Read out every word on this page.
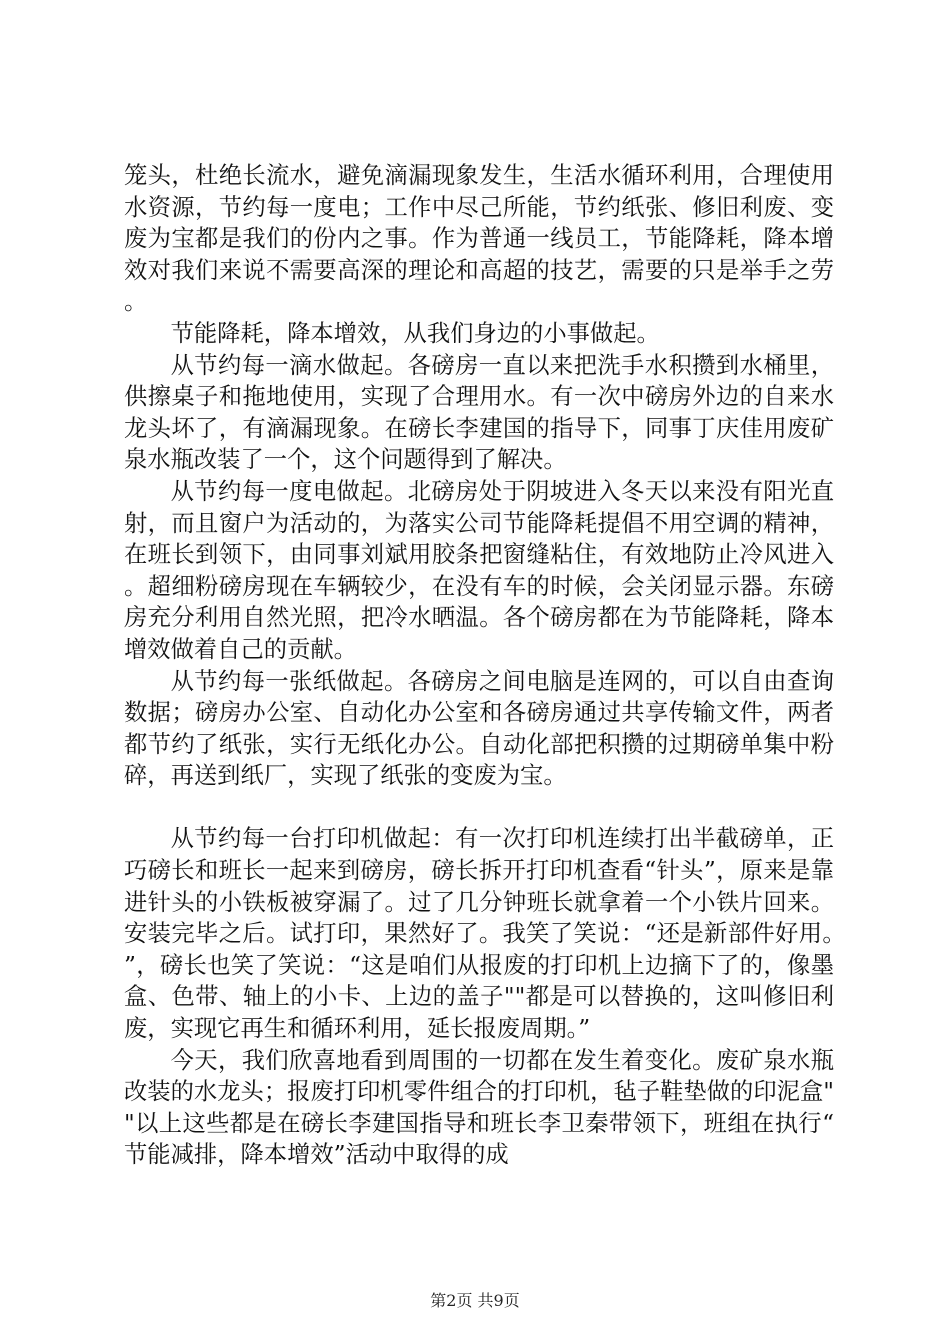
笼头，杜绝长流水，避免滴漏现象发生，生活水循环利用，合理使用水资源，节约每一度电；工作中尽己所能，节约纸张、修旧利废、变废为宝都是我们的份内之事。作为普通一线员工，节能降耗，降本增效对我们来说不需要高深的理论和高超的技艺，需要的只是举手之劳。

节能降耗，降本增效，从我们身边的小事做起。

从节约每一滴水做起。各磅房一直以来把洗手水积攒到水桶里，供擦桌子和拖地使用，实现了合理用水。有一次中磅房外边的自来水龙头坏了，有滴漏现象。在磅长李建国的指导下，同事丁庆佳用废矿泉水瓶改装了一个，这个问题得到了解决。

从节约每一度电做起。北磅房处于阴坡进入冬天以来没有阳光直射，而且窗户为活动的，为落实公司节能降耗提倡不用空调的精神，在班长到领下，由同事刘斌用胶条把窗缝粘住，有效地防止冷风进入。超细粉磅房现在车辆较少，在没有车的时候，会关闭显示器。东磅房充分利用自然光照，把冷水晒温。各个磅房都在为节能降耗，降本增效做着自己的贡献。

从节约每一张纸做起。各磅房之间电脑是连网的，可以自由查询数据；磅房办公室、自动化办公室和各磅房通过共享传输文件，两者都节约了纸张，实行无纸化办公。自动化部把积攒的过期磅单集中粉碎，再送到纸厂，实现了纸张的变废为宝。

从节约每一台打印机做起：有一次打印机连续打出半截磅单，正巧磅长和班长一起来到磅房，磅长拆开打印机查看“针头”，原来是靠进针头的小铁板被穿漏了。过了几分钟班长就拿着一个小铁片回来。安装完毕之后。试打印，果然好了。我笑了笑说：“还是新部件好用。”，磅长也笑了笑说：“这是咱们从报废的打印机上边摘下了的，像墨盒、色带、轴上的小卡、上边的盖子""都是可以替换的，这叫修旧利废，实现它再生和循环利用，延长报废周期。”

今天，我们欣喜地看到周围的一切都在发生着变化。废矿泉水瓶改装的水龙头；报废打印机零件组合的打印机，毡子鞋垫做的印泥盒""以上这些都是在磅长李建国指导和班长李卫秦带领下，班组在执行“节能减排，降本增效”活动中取得的成

第2页 共9页
